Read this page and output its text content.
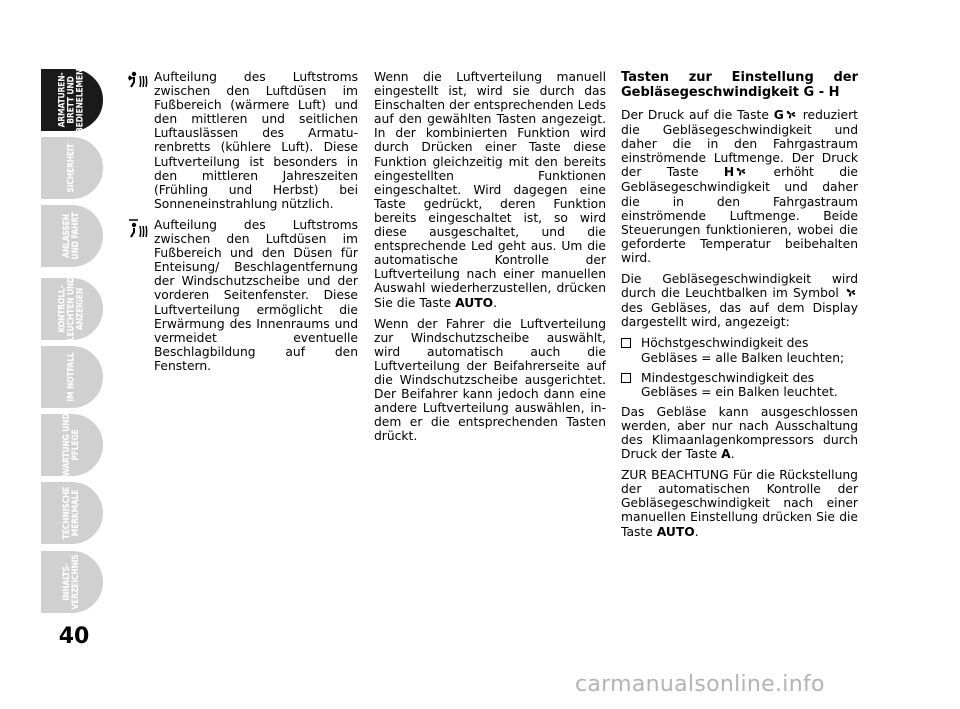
ARMATUREN-
BRETT UND
BEDIENELEMENTE
SICHERHEIT
ANLASSEN
UND FAHRT
KONTROLL-
LEUCHTEN UND
ANZEIGEN
IM NOTFALL
WARTUNG UND
PFLEGE
TECHNISCHE
MERKMALE
INHALTS-
VERZEICHNIS
40

Aufteilung des Luftstroms zwischen den Luftdüsen im Fußbereich (wärmere Luft) und den mittleren und seitlichen Luftauslässen des Armaturenbretts (kühlere Luft). Diese Luftverteilung ist besonders in den mittleren Jahreszeiten (Frühling und Herbst) bei Sonneneinstrahlung nützlich.

Aufteilung des Luftstroms zwischen den Luftdüsen im Fußbereich und den Düsen für Enteisung/ Beschlagentfernung der Windschutzscheibe und der vorderen Seitenfenster. Diese Luftverteilung ermöglicht die Erwärmung des Innenraums und vermeidet eventuelle Beschlagbildung auf den Fenstern.

Wenn die Luftverteilung manuell eingestellt ist, wird sie durch das Einschalten der entsprechenden Leds auf den gewählten Tasten angezeigt. In der kombinierten Funktion wird durch Drücken einer Taste diese Funktion gleichzeitig mit den bereits eingestellten Funktionen eingeschaltet. Wird dagegen eine Taste gedrückt, deren Funktion bereits eingeschaltet ist, so wird diese ausgeschaltet, und die entsprechende Led geht aus. Um die automatische Kontrolle der Luftverteilung nach einer manuellen Auswahl wiederherzustellen, drücken Sie die Taste AUTO.

Wenn der Fahrer die Luftverteilung zur Windschutzscheibe auswählt, wird automatisch auch die Luftverteilung der Beifahrerseite auf die Windschutzscheibe ausgerichtet. Der Beifahrer kann jedoch dann eine andere Luftverteilung auswählen, indem er die entsprechenden Tasten drückt.

Tasten zur Einstellung der Gebläsegeschwindigkeit G - H

Der Druck auf die Taste G reduziert die Gebläsegeschwindigkeit und daher die in den Fahrgastraum einströmende Luftmenge. Der Druck der Taste H erhöht die Gebläsegeschwindigkeit und daher die in den Fahrgastraum einströmende Luftmenge. Beide Steuerungen funktionieren, wobei die geforderte Temperatur beibehalten wird.

Die Gebläsegeschwindigkeit wird durch die Leuchtbalken im Symbol  des Gebläses, das auf dem Display dargestellt wird, angezeigt:

Höchstgeschwindigkeit des Gebläses = alle Balken leuchten;

Mindestgeschwindigkeit des Gebläses = ein Balken leuchtet.

Das Gebläse kann ausgeschlossen werden, aber nur nach Ausschaltung des Klimaanlagenkompressors durch Druck der Taste A.

ZUR BEACHTUNG Für die Rückstellung der automatischen Kontrolle der Gebläsegeschwindigkeit nach einer manuellen Einstellung drücken Sie die Taste AUTO.

carmanualsonline.info
